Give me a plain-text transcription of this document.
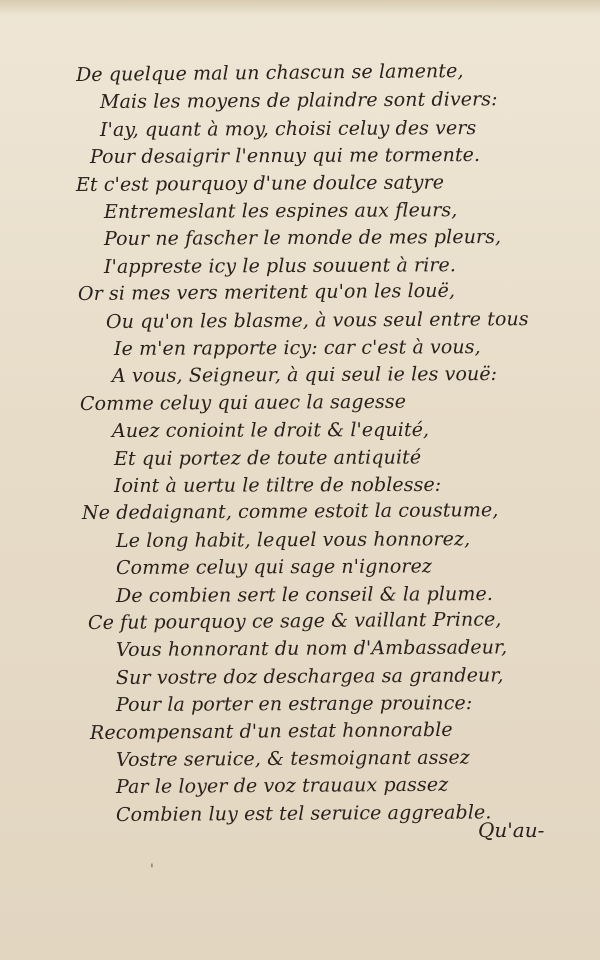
De quelque mal un chascun se lamente,
Mais les moyens de plaindre sont divers:
I'ay, quant à moy, choisi celuy des vers
Pour desaigrir l'ennuy qui me tormente.
Et c'est pourquoy d'une doulce satyre
Entremeslant les espines aux fleurs,
Pour ne fascher le monde de mes pleurs,
I'appreste icy le plus souuent à rire.
Or si mes vers meritent qu'on les louë,
Ou qu'on les blasme, à vous seul entre tous
Ie m'en rapporte icy: car c'est à vous,
A vous, Seigneur, à qui seul ie les vouë:
Comme celuy qui auec la sagesse
Auez conioint le droit & l'equité,
Et qui portez de toute antiquité
Ioint à uertu le tiltre de noblesse:
Ne dedaignant, comme estoit la coustume,
Le long habit, lequel vous honnorez,
Comme celuy qui sage n'ignorez
De combien sert le conseil & la plume.
Ce fut pourquoy ce sage & vaillant Prince,
Vous honnorant du nom d'Ambassadeur,
Sur vostre doz deschargea sa grandeur,
Pour la porter en estrange prouince:
Recompensant d'un estat honnorable
Vostre seruice, & tesmoignant assez
Par le loyer de voz trauaux passez
Combien luy est tel seruice aggreable.
Qu'au-
'
